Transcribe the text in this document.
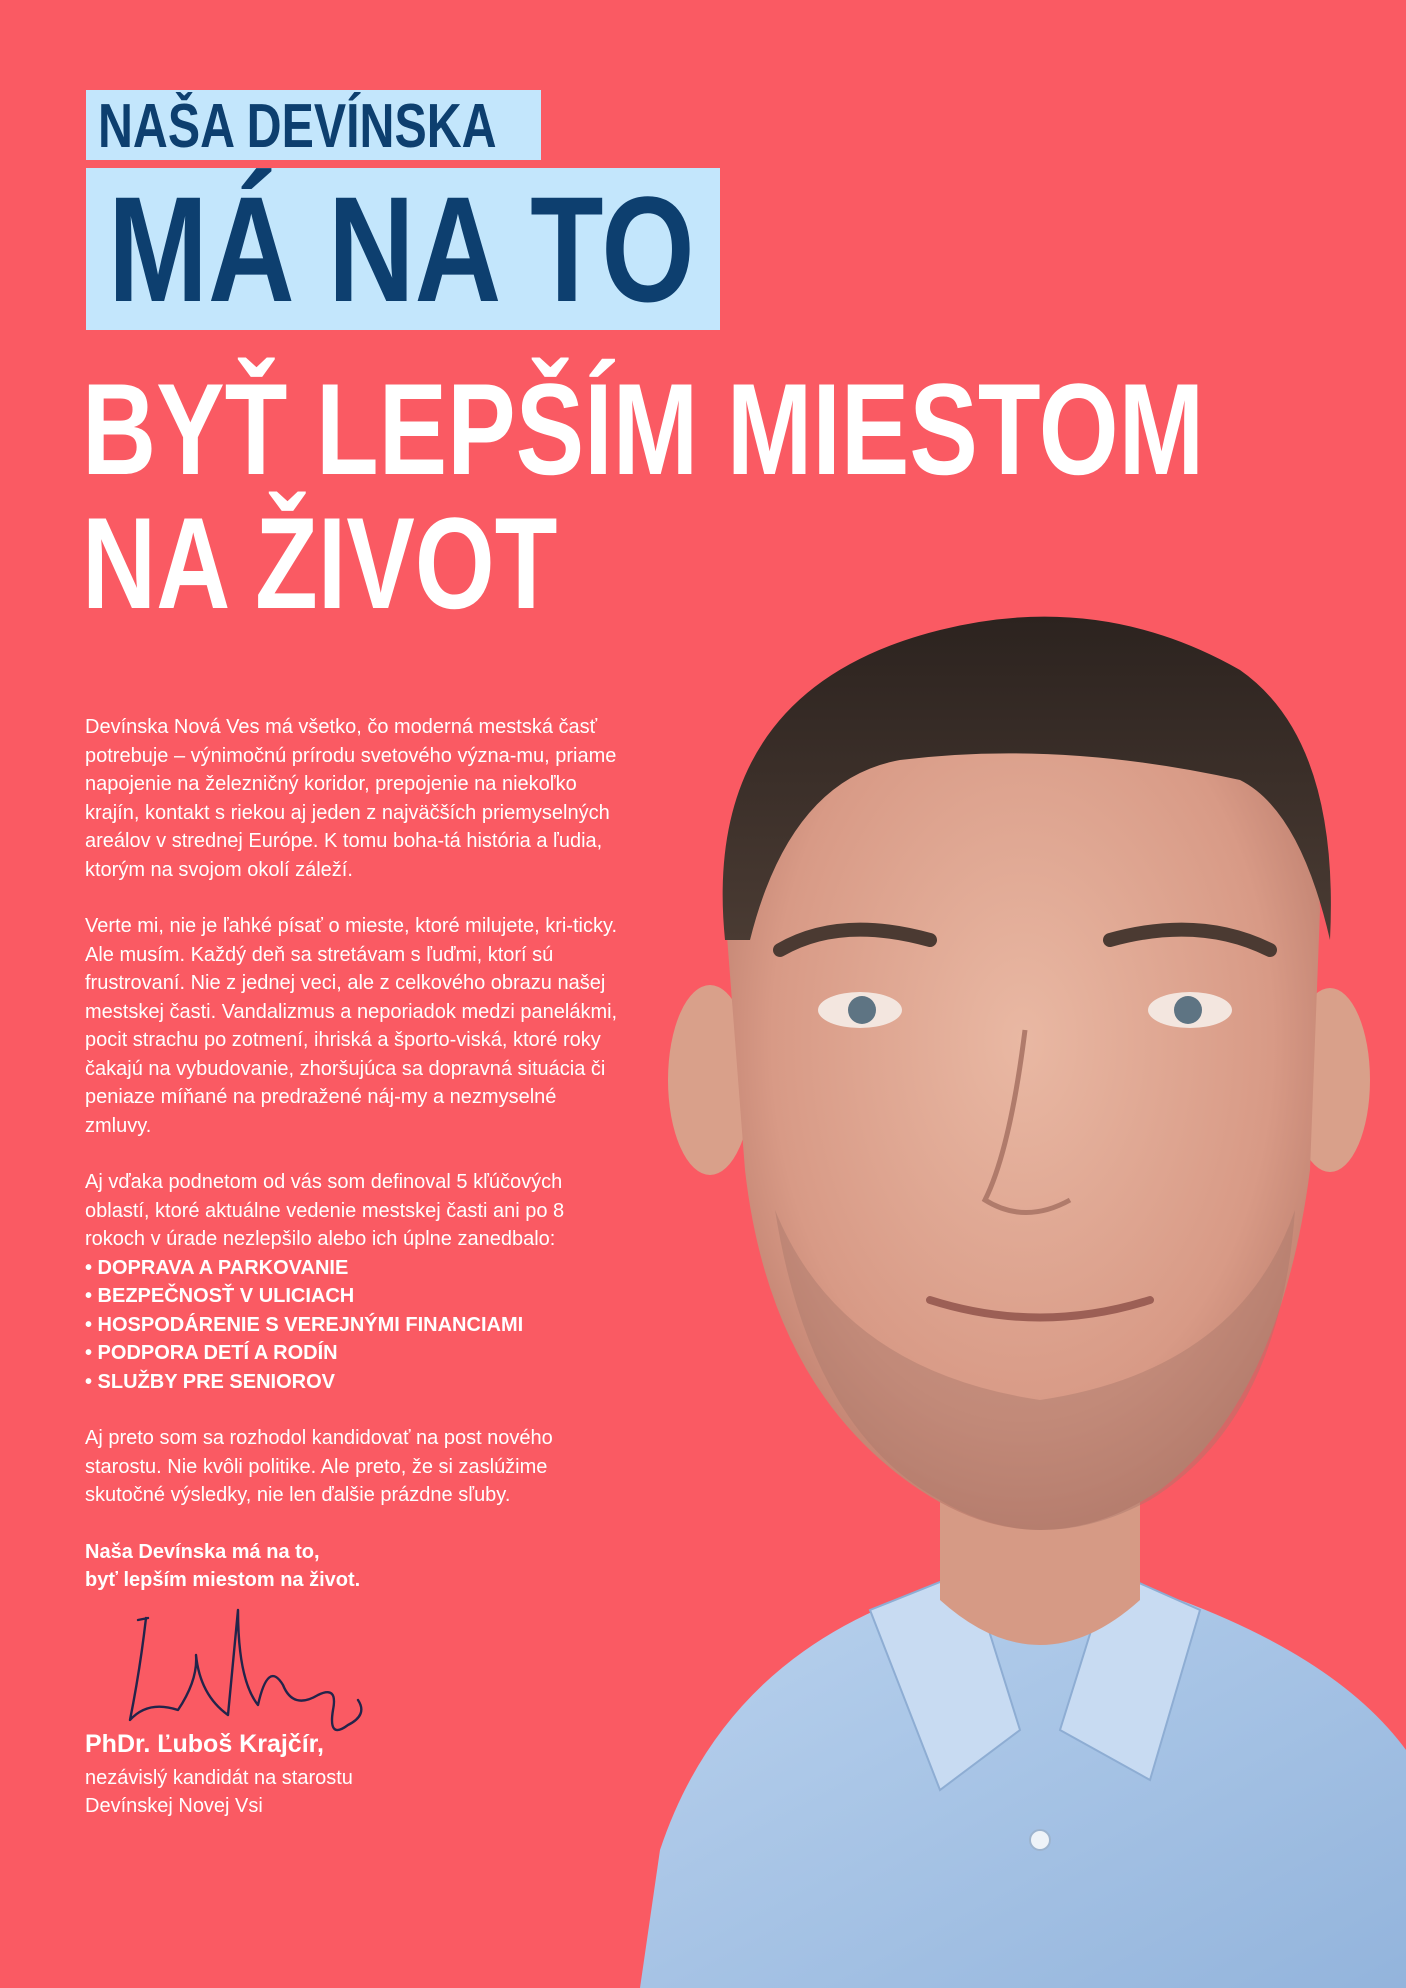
NAŠA DEVÍNSKA
MÁ NA TO
BYŤ LEPŠÍM MIESTOM
NA ŽIVOT

Devínska Nová Ves má všetko, čo moderná mestská časť potrebuje – výnimočnú prírodu svetového význa-mu, priame napojenie na železničný koridor, prepojenie na niekoľko krajín, kontakt s riekou aj jeden z najväčších priemyselných areálov v strednej Európe. K tomu boha-tá história a ľudia, ktorým na svojom okolí záleží.

Verte mi, nie je ľahké písať o mieste, ktoré milujete, kri-ticky. Ale musím. Každý deň sa stretávam s ľuďmi, ktorí sú frustrovaní. Nie z jednej veci, ale z celkového obrazu našej mestskej časti. Vandalizmus a neporiadok medzi panelákmi, pocit strachu po zotmení, ihriská a športo-viská, ktoré roky čakajú na vybudovanie, zhoršujúca sa dopravná situácia či peniaze míňané na predražené náj-my a nezmyselné zmluvy.

Aj vďaka podnetom od vás som definoval 5 kľúčových oblastí, ktoré aktuálne vedenie mestskej časti ani po 8 rokoch v úrade nezlepšilo alebo ich úplne zanedbalo:

• DOPRAVA A PARKOVANIE
• BEZPEČNOSŤ V ULICIACH
• HOSPODÁRENIE S VEREJNÝMI FINANCIAMI
• PODPORA DETÍ A RODÍN
• SLUŽBY PRE SENIOROV

Aj preto som sa rozhodol kandidovať na post nového starostu. Nie kvôli politike. Ale preto, že si zaslúžime skutočné výsledky, nie len ďalšie prázdne sľuby.

Naša Devínska má na to,
byť lepším miestom na život.
PhDr. Ľuboš Krajčír,
nezávislý kandidát na starostu
Devínskej Novej Vsi
